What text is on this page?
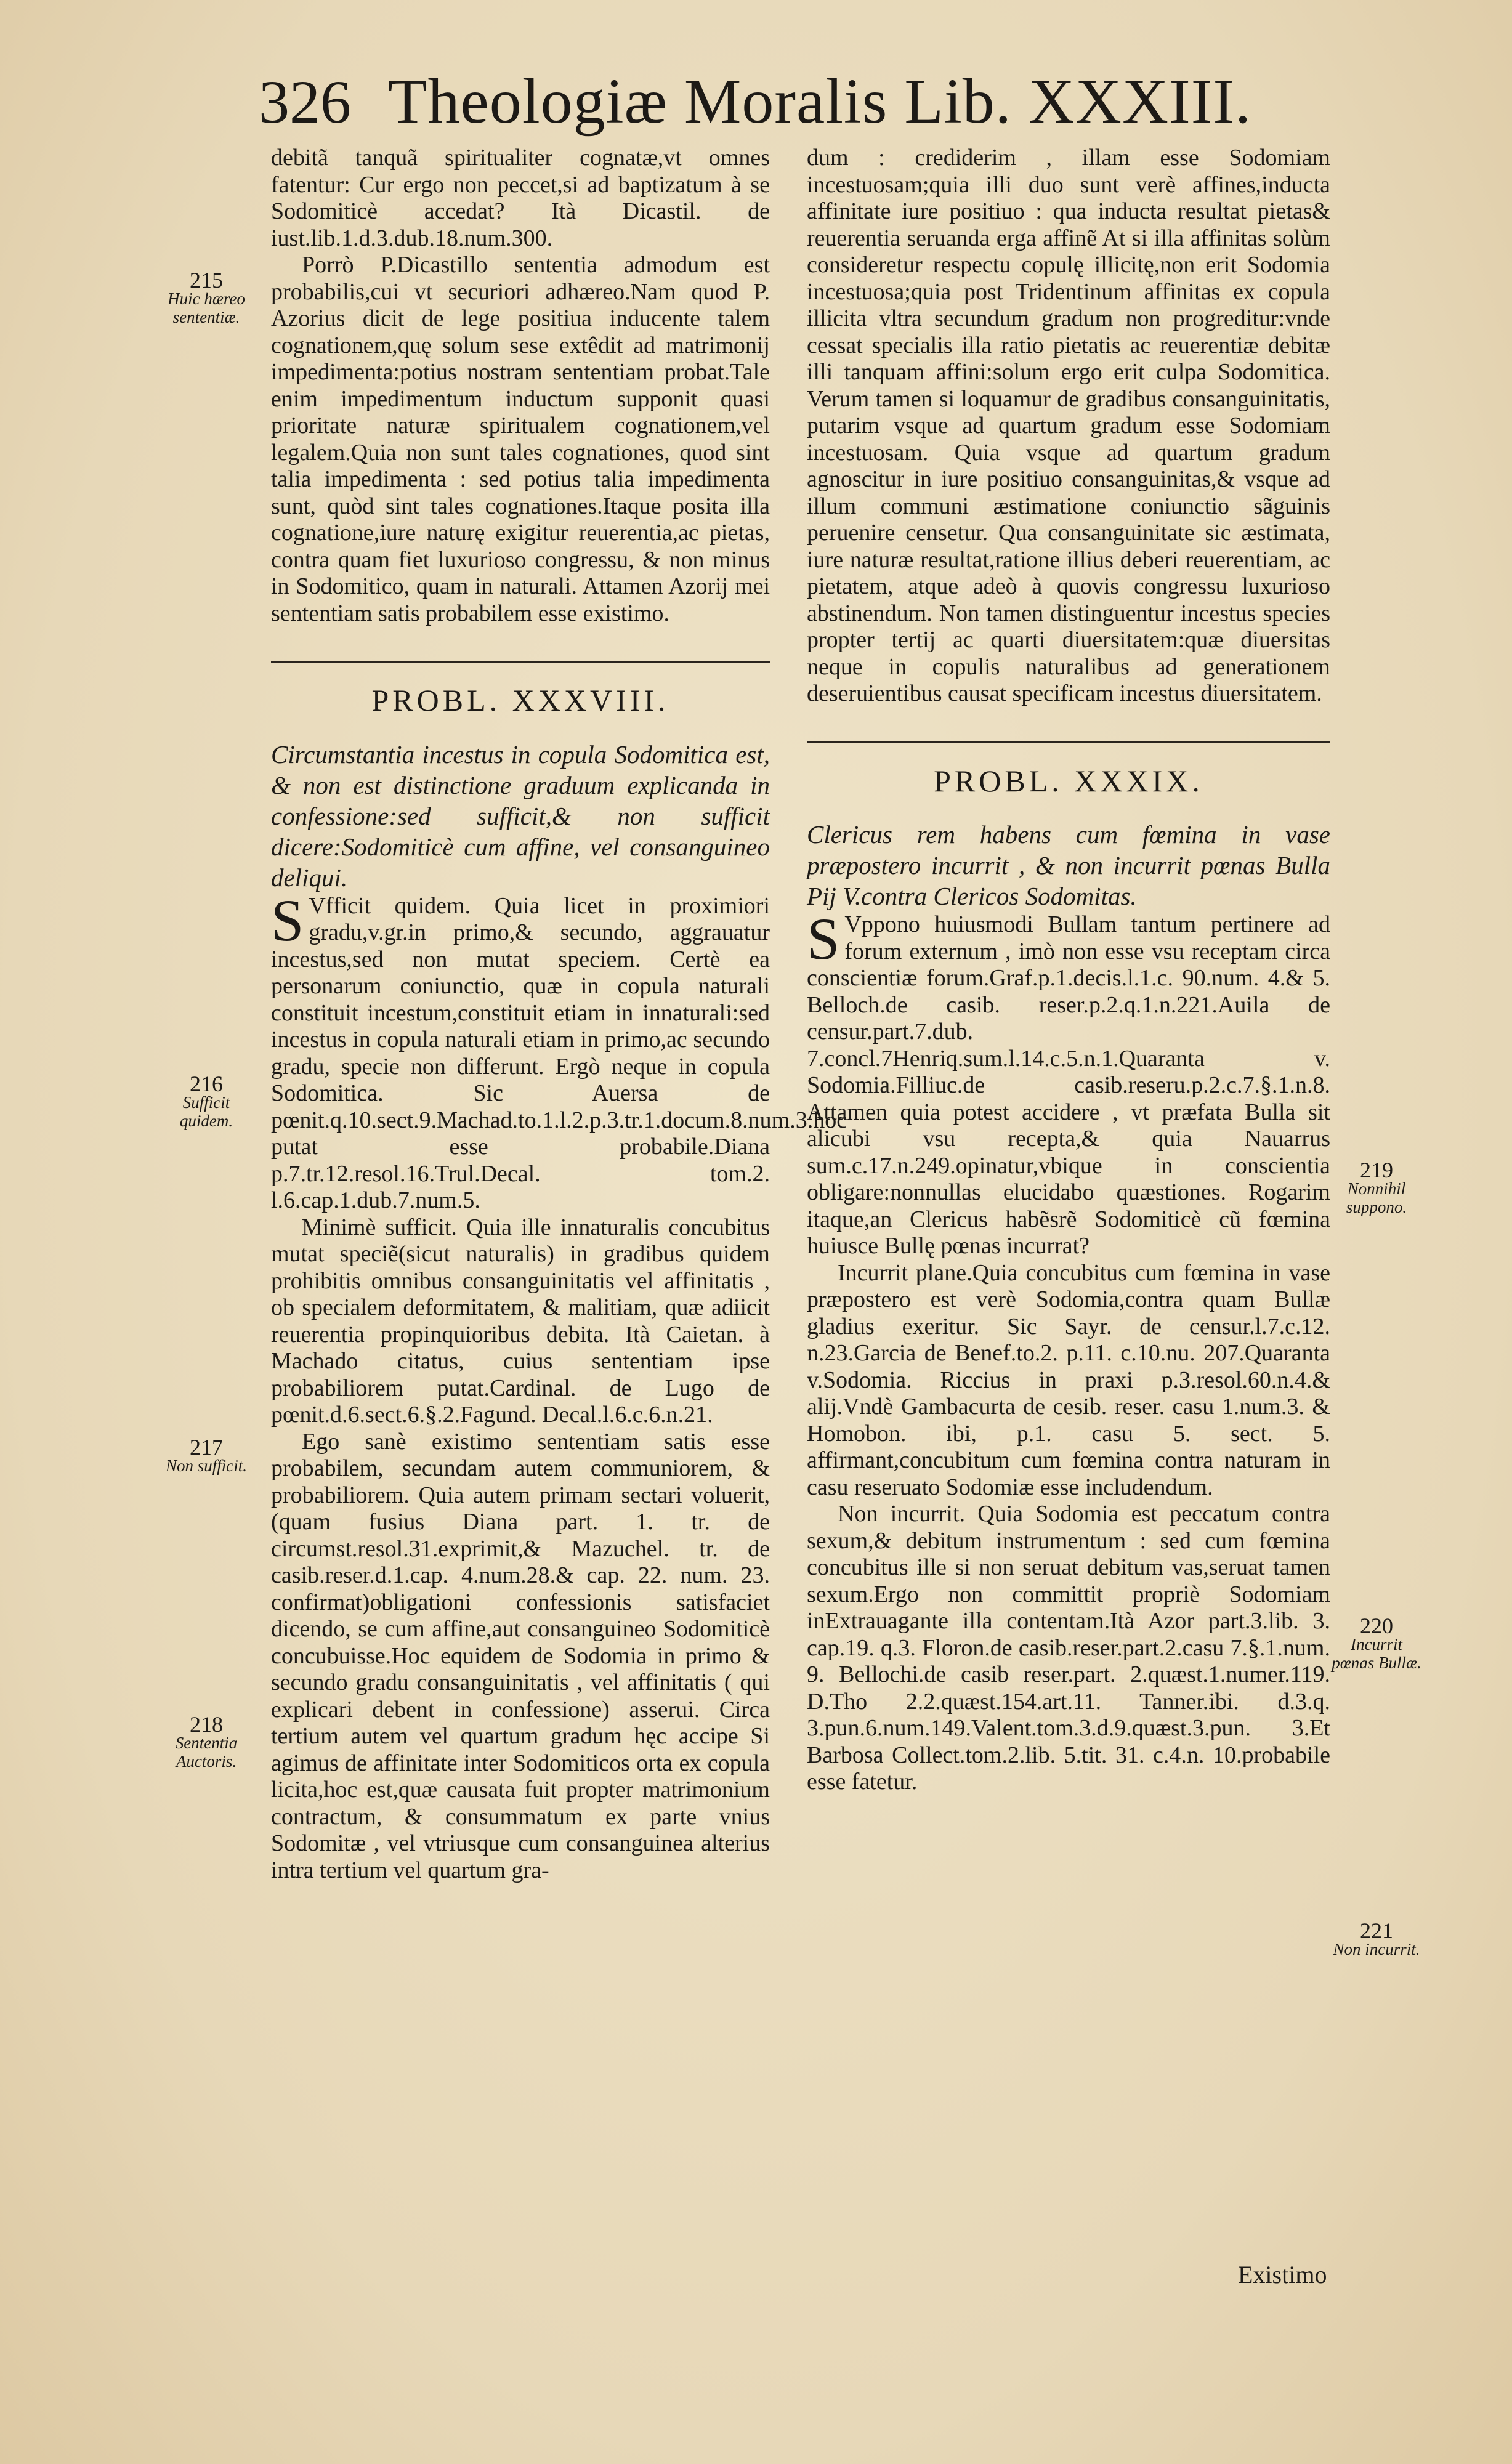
326 Theologiæ Moralis Lib. XXXIII.
215
Huic hæreo sententiæ.
216
Sufficit quidem.
217
Non sufficit.
218
Sententia Auctoris.
219
Nonnihil suppono.
220
Incurrit pœnas Bullæ.
221
Non incurrit.

debitã tanquã spiritualiter cognatæ,vt omnes fatentur: Cur ergo non peccet,si ad baptizatum à se Sodomiticè accedat? Ità Dicastil. de iust.lib.1.d.3.dub.18.num.300.

Porrò P.Dicastillo sententia admodum est probabilis,cui vt securiori adhæreo.Nam quod P. Azorius dicit de lege positiua inducente talem cognationem,quę solum sese extêdit ad matrimonij impedimenta:potius nostram sententiam probat.Tale enim impedimentum inductum supponit quasi prioritate naturæ spiritualem cognationem,vel legalem.Quia non sunt tales cognationes, quod sint talia impedimenta : sed potius talia impedimenta sunt, quòd sint tales cognationes.Itaque posita illa cognatione,iure naturę exigitur reuerentia,ac pietas, contra quam fiet luxurioso congressu, & non minus in Sodomitico, quam in naturali. Attamen Azorij mei sententiam satis probabilem esse existimo.

PROBL. XXXVIII.

Circumstantia incestus in copula Sodomitica est, & non est distinctione graduum explicanda in confessione:sed sufficit,& non sufficit dicere:Sodomiticè cum affine, vel consanguineo deliqui.

S Vfficit quidem. Quia licet in proximiori gradu,v.gr.in primo,& secundo, aggrauatur incestus,sed non mutat speciem. Certè ea personarum coniunctio, quæ in copula naturali constituit incestum,constituit etiam in innaturali:sed incestus in copula naturali etiam in primo,ac secundo gradu, specie non differunt. Ergò neque in copula Sodomitica. Sic Auersa de pœnit.q.10.sect.9.Machad.to.1.l.2.p.3.tr.1.docum.8.num.3.hoc putat esse probabile.Diana p.7.tr.12.resol.16.Trul.Decal. tom.2. l.6.cap.1.dub.7.num.5.

Minimè sufficit. Quia ille innaturalis concubitus mutat speciẽ(sicut naturalis) in gradibus quidem prohibitis omnibus consanguinitatis vel affinitatis , ob specialem deformitatem, & malitiam, quæ adiicit reuerentia propinquioribus debita. Ità Caietan. à Machado citatus, cuius sententiam ipse probabiliorem putat.Cardinal. de Lugo de pœnit.d.6.sect.6.§.2.Fagund. Decal.l.6.c.6.n.21.

Ego sanè existimo sententiam satis esse probabilem, secundam autem communiorem, & probabiliorem. Quia autem primam sectari voluerit,(quam fusius Diana part. 1. tr. de circumst.resol.31.exprimit,& Mazuchel. tr. de casib.reser.d.1.cap. 4.num.28.& cap. 22. num. 23. confirmat)obligationi confessionis satisfaciet dicendo, se cum affine,aut consanguineo Sodomiticè concubuisse.Hoc equidem de Sodomia in primo & secundo gradu consanguinitatis , vel affinitatis ( qui explicari debent in confessione) asserui. Circa tertium autem vel quartum gradum hęc accipe Si agimus de affinitate inter Sodomiticos orta ex copula licita,hoc est,quæ causata fuit propter matrimonium contractum, & consummatum ex parte vnius Sodomitæ , vel vtriusque cum consanguinea alterius intra tertium vel quartum gra-

dum : crediderim , illam esse Sodomiam incestuosam;quia illi duo sunt verè affines,inducta affinitate iure positiuo : qua inducta resultat pietas& reuerentia seruanda erga affinẽ At si illa affinitas solùm consideretur respectu copulę illicitę,non erit Sodomia incestuosa;quia post Tridentinum affinitas ex copula illicita vltra secundum gradum non progreditur:vnde cessat specialis illa ratio pietatis ac reuerentiæ debitæ illi tanquam affini:solum ergo erit culpa Sodomitica. Verum tamen si loquamur de gradibus consanguinitatis, putarim vsque ad quartum gradum esse Sodomiam incestuosam. Quia vsque ad quartum gradum agnoscitur in iure positiuo consanguinitas,& vsque ad illum communi æstimatione coniunctio sãguinis peruenire censetur. Qua consanguinitate sic æstimata, iure naturæ resultat,ratione illius deberi reuerentiam, ac pietatem, atque adeò à quovis congressu luxurioso abstinendum. Non tamen distinguentur incestus species propter tertij ac quarti diuersitatem:quæ diuersitas neque in copulis naturalibus ad generationem deseruientibus causat specificam incestus diuersitatem.

PROBL. XXXIX.

Clericus rem habens cum fœmina in vase præpostero incurrit , & non incurrit pœnas Bulla Pij V.contra Clericos Sodomitas.

S Vppono huiusmodi Bullam tantum pertinere ad forum externum , imò non esse vsu receptam circa conscientiæ forum.Graf.p.1.decis.l.1.c. 90.num. 4.& 5. Belloch.de casib. reser.p.2.q.1.n.221.Auila de censur.part.7.dub. 7.concl.7Henriq.sum.l.14.c.5.n.1.Quaranta v. Sodomia.Filliuc.de casib.reseru.p.2.c.7.§.1.n.8. Attamen quia potest accidere , vt præfata Bulla sit alicubi vsu recepta,& quia Nauarrus sum.c.17.n.249.opinatur,vbique in conscientia obligare:nonnullas elucidabo quæstiones. Rogarim itaque,an Clericus habẽsrẽ Sodomiticè cũ fœmina huiusce Bullę pœnas incurrat?

Incurrit plane.Quia concubitus cum fœmina in vase præpostero est verè Sodomia,contra quam Bullæ gladius exeritur. Sic Sayr. de censur.l.7.c.12. n.23.Garcia de Benef.to.2. p.11. c.10.nu. 207.Quaranta v.Sodomia. Riccius in praxi p.3.resol.60.n.4.& alij.Vndè Gambacurta de cesib. reser. casu 1.num.3. & Homobon. ibi, p.1. casu 5. sect. 5. affirmant,concubitum cum fœmina contra naturam in casu reseruato Sodomiæ esse includendum.

Non incurrit. Quia Sodomia est peccatum contra sexum,& debitum instrumentum : sed cum fœmina concubitus ille si non seruat debitum vas,seruat tamen sexum.Ergo non committit propriè Sodomiam inExtrauagante illa contentam.Ità Azor part.3.lib. 3. cap.19. q.3. Floron.de casib.reser.part.2.casu 7.§.1.num. 9. Bellochi.de casib reser.part. 2.quæst.1.numer.119. D.Tho 2.2.quæst.154.art.11. Tanner.ibi. d.3.q. 3.pun.6.num.149.Valent.tom.3.d.9.quæst.3.pun. 3.Et Barbosa Collect.tom.2.lib. 5.tit. 31. c.4.n. 10.probabile esse fatetur.

Existimo
